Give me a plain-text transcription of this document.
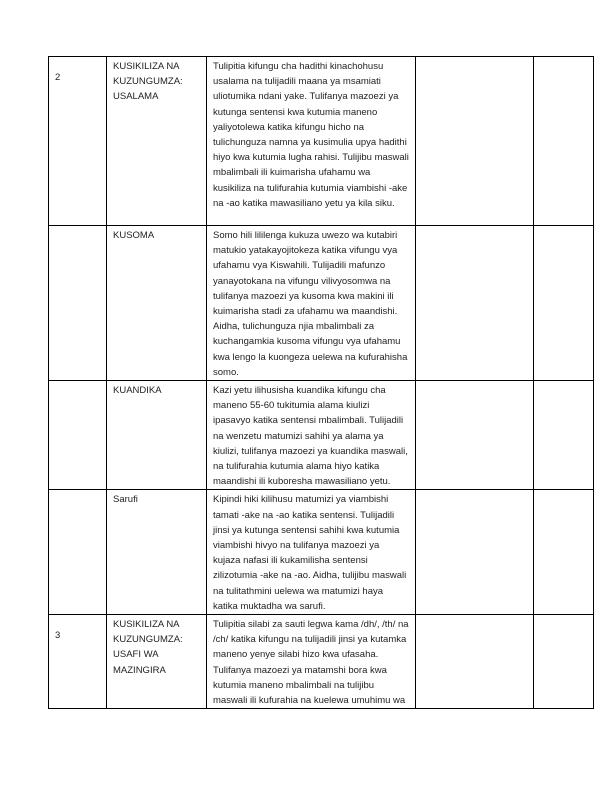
2	KUSIKILIZA NA KUZUNGUMZA: USALAMA	Tulipitia kifungu cha hadithi kinachohusu usalama na tulijadili maana ya msamiati uliotumika ndani yake. Tulifanya mazoezi ya kutunga sentensi kwa kutumia maneno yaliyotolewa katika kifungu hicho na tulichunguza namna ya kusimulia upya hadithi hiyo kwa kutumia lugha rahisi. Tulijibu maswali mbalimbali ili kuimarisha ufahamu wa kusikiliza na tulifurahia kutumia viambishi -ake na -ao katika mawasiliano yetu ya kila siku.		
	KUSOMA	Somo hili lililenga kukuza uwezo wa kutabiri matukio yatakayojitokeza katika vifungu vya ufahamu vya Kiswahili. Tulijadili mafunzo yanayotokana na vifungu vilivyosomwa na tulifanya mazoezi ya kusoma kwa makini ili kuimarisha stadi za ufahamu wa maandishi. Aidha, tulichunguza njia mbalimbali za kuchangamkia kusoma vifungu vya ufahamu kwa lengo la kuongeza uelewa na kufurahisha somo.		
	KUANDIKA	Kazi yetu ilihusisha kuandika kifungu cha maneno 55-60 tukitumia alama kiulizi ipasavyo katika sentensi mbalimbali. Tulijadili na wenzetu matumizi sahihi ya alama ya kiulizi, tulifanya mazoezi ya kuandika maswali, na tulifurahia kutumia alama hiyo katika maandishi ili kuboresha mawasiliano yetu.		
	Sarufi	Kipindi hiki kilihusu matumizi ya viambishi tamati -ake na -ao katika sentensi. Tulijadili jinsi ya kutunga sentensi sahihi kwa kutumia viambishi hivyo na tulifanya mazoezi ya kujaza nafasi ili kukamilisha sentensi zilizotumia -ake na -ao. Aidha, tulijibu maswali na tulitathmini uelewa wa matumizi haya katika muktadha wa sarufi.		
3	KUSIKILIZA NA KUZUNGUMZA: USAFI WA MAZINGIRA	Tulipitia silabi za sauti legwa kama /dh/, /th/ na /ch/ katika kifungu na tulijadili jinsi ya kutamka maneno yenye silabi hizo kwa ufasaha. Tulifanya mazoezi ya matamshi bora kwa kutumia maneno mbalimbali na tulijibu maswali ili kufurahia na kuelewa umuhimu wa		
